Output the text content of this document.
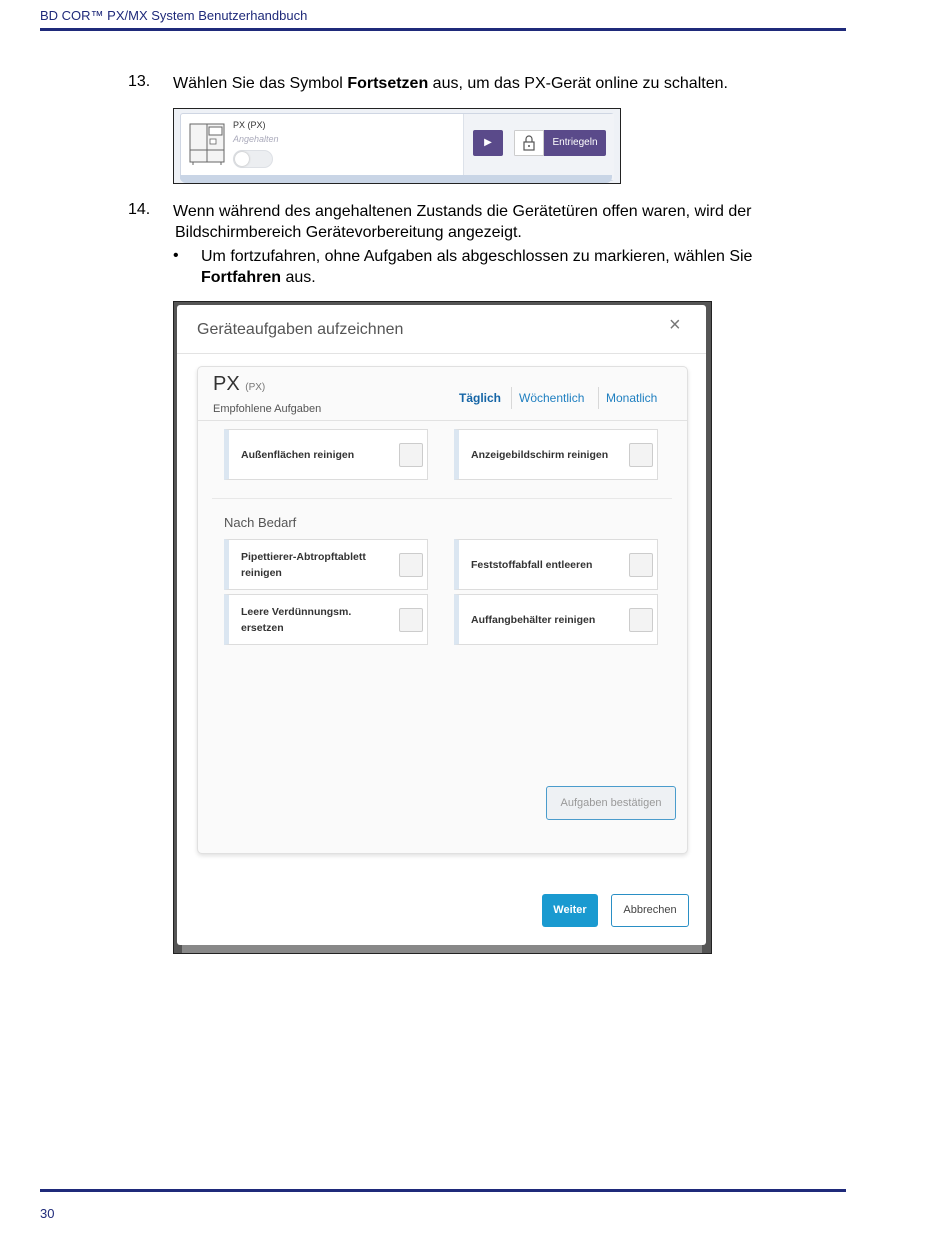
BD COR™ PX/MX System Benutzerhandbuch
13. Wählen Sie das Symbol Fortsetzen aus, um das PX-Gerät online zu schalten.
PX (PX)
Angehalten	▶	Entriegeln
14. Wenn während des angehaltenen Zustands die Gerätetüren offen waren, wird der
Bildschirmbereich Gerätevorbereitung angezeigt.
• Um fortzufahren, ohne Aufgaben als abgeschlossen zu markieren, wählen Sie
Fortfahren aus.
Geräteaufgaben aufzeichnen	×
PX (PX)
Empfohlene Aufgaben
Täglich Wöchentlich Monatlich
Außenflächen reinigen	Anzeigebildschirm reinigen
Nach Bedarf
Pipettierer-Abtropftablett reinigen
Feststoffabfall entleeren
Leere Verdünnungsm. ersetzen
Auffangbehälter reinigen
Aufgaben bestätigen
Weiter	Abbrechen
30
